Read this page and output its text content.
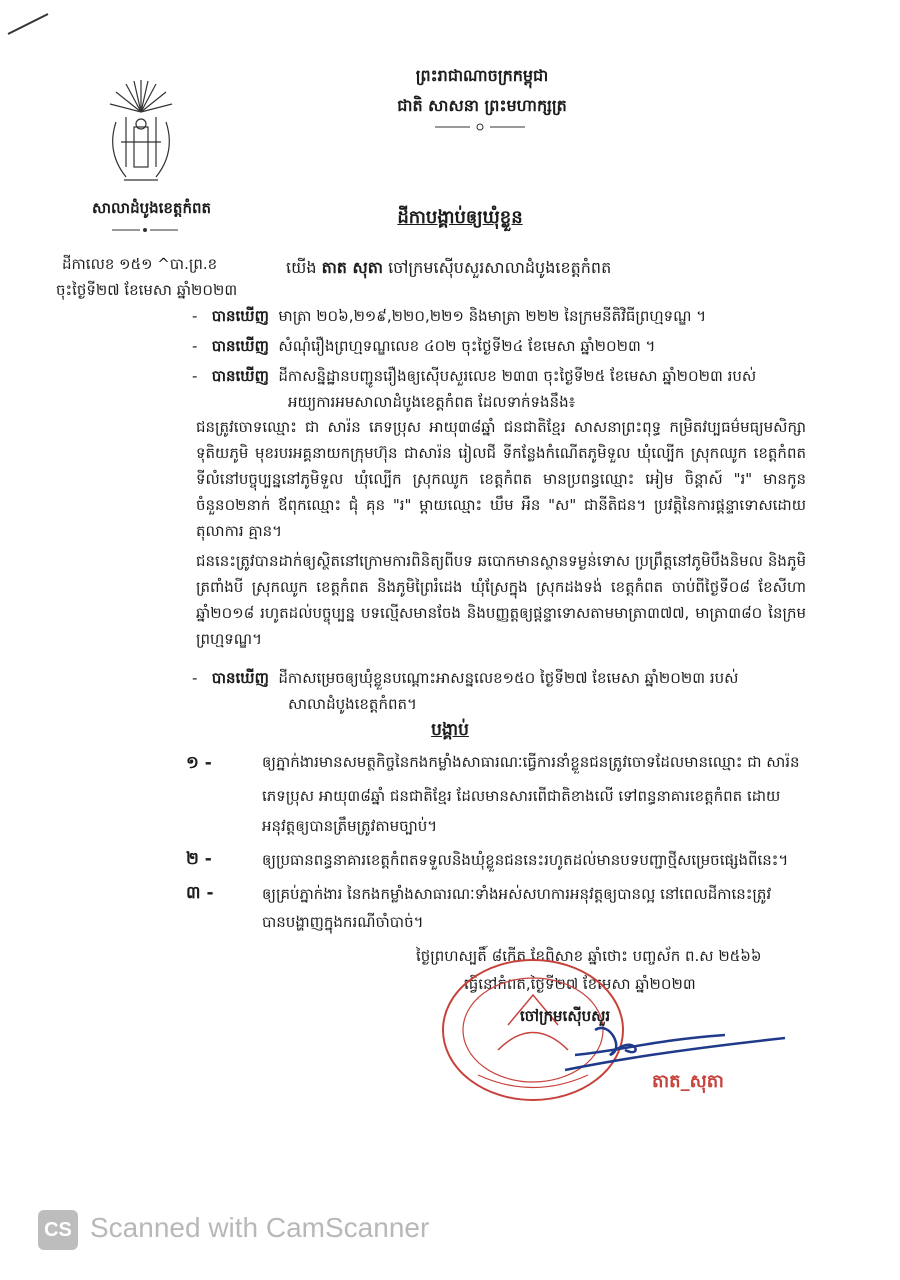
ព្រះរាជាណាចក្រកម្ពុជា
ជាតិ សាសនា ព្រះមហាក្សត្រ
សាលាដំបូងខេត្តកំពត
ដីកាលេខ ១៥១ ^បា.ព្រ.ខ
ចុះថ្ងៃទី២៧ ខែមេសា ឆ្នាំ២០២៣
ដីកាបង្គាប់ឲ្យឃុំខ្លួន
យើង តាត សុតា ចៅក្រមស៊ើបសួរសាលាដំបូងខេត្តកំពត
-   បានឃើញ មាត្រា ២០៦,២១៩,២២០,២២១ និងមាត្រា ២២២ នៃក្រមនីតិវិធីព្រហ្មទណ្ឌ ។
-   បានឃើញ សំណុំរឿងព្រហ្មទណ្ឌលេខ ៤០២ ចុះថ្ងៃទី២៤ ខែមេសា ឆ្នាំ២០២៣ ។
-   បានឃើញ ដីកាសន្និដ្ឋានបញ្ជូនរឿងឲ្យស៊ើបសួរលេខ ២៣៣ ចុះថ្ងៃទី២៥ ខែមេសា ឆ្នាំ២០២៣ របស់
អយ្យការអមសាលាដំបូងខេត្តកំពត ដែលទាក់ទងនឹង៖
ជនត្រូវចោទឈ្មោះ ជា សារ៉ន ភេទប្រុស អាយុ៣៨ឆ្នាំ ជនជាតិខ្មែរ សាសនាព្រះពុទ្ធ កម្រិតវប្បធម៌មធ្យមសិក្សាទុតិយភូមិ មុខរបរអគ្គនាយកក្រុមហ៊ុន ជាសារ៉ន រៀលជី ទីកន្លែងកំណើតភូមិទួល ឃុំល្បើក ស្រុកឈូក ខេត្តកំពត ទីលំនៅបច្ចុប្បន្ននៅភូមិទួល ឃុំល្បើក ស្រុកឈូក ខេត្តកំពត មានប្រពន្ធឈ្មោះ អៀម ចិន្តាស៍ "រ" មានកូនចំនួន០២នាក់ ឪពុកឈ្មោះ ជុំ គុន "រ" ម្តាយឈ្មោះ ឃឹម អឺន "ស" ជានីតិជន។ ប្រវត្តិនៃការផ្តន្ទាទោសដោយតុលាការ គ្មាន។
ជននេះត្រូវបានដាក់ឲ្យស្ថិតនៅក្រោមការពិនិត្យពីបទ ឆបោកមានស្ថានទម្ងន់ទោស ប្រព្រឹត្តនៅភូមិបឹងនិមល និងភូមិត្រពាំងបី ស្រុកឈូក ខេត្តកំពត និងភូមិព្រៃរំដេង ឃុំស្រែក្នុង ស្រុកដងទង់ ខេត្តកំពត ចាប់ពីថ្ងៃទី០៨ ខែសីហា ឆ្នាំ២០១៨ រហូតដល់បច្ចុប្បន្ន បទល្មើសមានចែង និងបញ្ញត្តឲ្យផ្តន្ទាទោសតាមមាត្រា៣៧៧, មាត្រា៣៨០ នៃក្រមព្រហ្មទណ្ឌ។
-   បានឃើញ ដីកាសម្រេចឲ្យឃុំខ្លួនបណ្តោះអាសន្នលេខ១៥០ ថ្ងៃទី២៧ ខែមេសា ឆ្នាំ២០២៣ របស់
សាលាដំបូងខេត្តកំពត។
បង្គាប់
១ -	ឲ្យភ្នាក់ងារមានសមត្ថកិច្ចនៃកងកម្លាំងសាធារណៈធ្វើការនាំខ្លួនជនត្រូវចោទដែលមានឈ្មោះ ជា សារ៉ន
ភេទប្រុស អាយុ៣៨ឆ្នាំ ជនជាតិខ្មែរ ដែលមានសារពើជាតិខាងលើ ទៅពន្ធនាគារខេត្តកំពត ដោយ
អនុវត្តឲ្យបានត្រឹមត្រូវតាមច្បាប់។
២ -	ឲ្យប្រធានពន្ធនាគារខេត្តកំពតទទួលនិងឃុំខ្លួនជននេះរហូតដល់មានបទបញ្ជាថ្មីសម្រេចផ្សេងពីនេះ។
៣ -	ឲ្យគ្រប់ភ្នាក់ងារ នៃកងកម្លាំងសាធារណៈទាំងអស់សហការអនុវត្តឲ្យបានល្អ នៅពេលដីកានេះត្រូវ
បានបង្ហាញក្នុងករណីចាំបាច់។
ថ្ងៃព្រហស្បតិ៍ ៨កើត ខែពិសាខ ឆ្នាំថោះ បញ្ចស័ក ព.ស ២៥៦៦
ធ្វើនៅកំពត,ថ្ងៃទី២៧ ខែមេសា ឆ្នាំ២០២៣
ចៅក្រមស៊ើបសួរ
តាត_សុតា
CS Scanned with CamScanner
